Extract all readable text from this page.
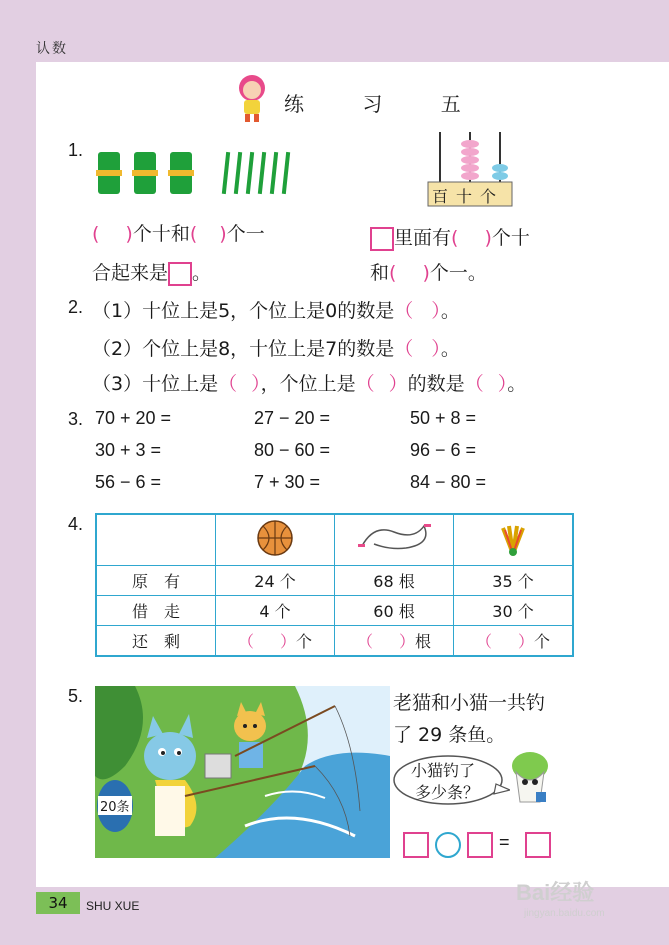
认数
练 习 五
1.
百十个
( )个十和( )个一
合起来是 。
里面有( )个十
和( )个一。
2. （1）十位上是5，个位上是0的数是（ ）。
（2）个位上是8，十位上是7的数是（ ）。
（3）十位上是（ ），个位上是（ ）的数是（ ）。
3. 70 + 20 =	27 − 20 =	50 + 8 =
30 + 3 =	80 − 60 =	96 − 6 =
56 − 6 =	7 + 30 =	84 − 80 =
4.

原　有	24 个	68 根	35 个
借　走	4 个	60 根	30 个
还　剩	（ ）个	（ ）根	（ ）个
5.
20条
老猫和小猫一共钓
了 29 条鱼。
小猫钓了
多少条？
=
34	SHU XUE
Bai经验
jingyan.baidu.com
